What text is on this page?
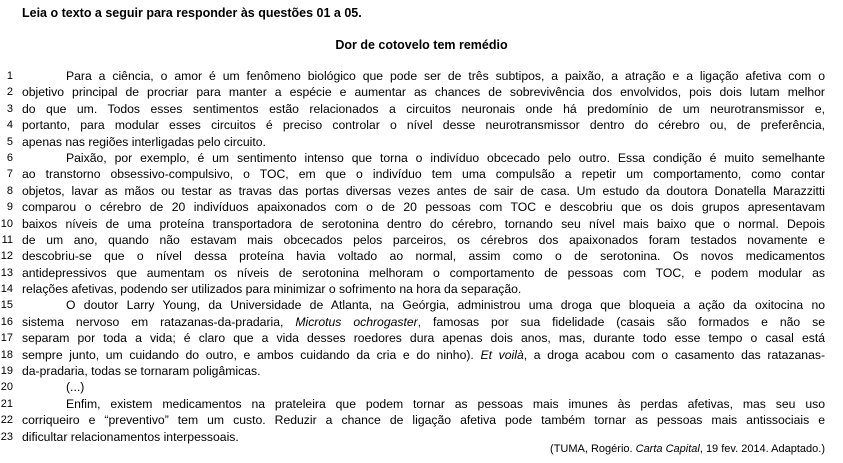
Leia o texto a seguir para responder às questões 01 a 05.
Dor de cotovelo tem remédio
1	Para a ciência, o amor é um fenômeno biológico que pode ser de três subtipos, a paixão, a atração e a ligação afetiva com o
2 objetivo principal de procriar para manter a espécie e aumentar as chances de sobrevivência dos envolvidos, pois dois lutam melhor
3 do que um. Todos esses sentimentos estão relacionados a circuitos neuronais onde há predomínio de um neurotransmissor e,
4 portanto, para modular esses circuitos é preciso controlar o nível desse neurotransmissor dentro do cérebro ou, de preferência,
5 apenas nas regiões interligadas pelo circuito.
6	Paixão, por exemplo, é um sentimento intenso que torna o indivíduo obcecado pelo outro. Essa condição é muito semelhante
7 ao transtorno obsessivo-compulsivo, o TOC, em que o indivíduo tem uma compulsão a repetir um comportamento, como contar
8 objetos, lavar as mãos ou testar as travas das portas diversas vezes antes de sair de casa. Um estudo da doutora Donatella Marazzitti
9 comparou o cérebro de 20 indivíduos apaixonados com o de 20 pessoas com TOC e descobriu que os dois grupos apresentavam
10 baixos níveis de uma proteína transportadora de serotonina dentro do cérebro, tornando seu nível mais baixo que o normal. Depois
11 de um ano, quando não estavam mais obcecados pelos parceiros, os cérebros dos apaixonados foram testados novamente e
12 descobriu-se que o nível dessa proteína havia voltado ao normal, assim como o de serotonina. Os novos medicamentos
13 antidepressivos que aumentam os níveis de serotonina melhoram o comportamento de pessoas com TOC, e podem modular as
14 relações afetivas, podendo ser utilizados para minimizar o sofrimento na hora da separação.
15	O doutor Larry Young, da Universidade de Atlanta, na Geórgia, administrou uma droga que bloqueia a ação da oxitocina no
16 sistema nervoso em ratazanas-da-pradaria, Microtus ochrogaster, famosas por sua fidelidade (casais são formados e não se
17 separam por toda a vida; é claro que a vida desses roedores dura apenas dois anos, mas, durante todo esse tempo o casal está
18 sempre junto, um cuidando do outro, e ambos cuidando da cria e do ninho). Et voilà, a droga acabou com o casamento das ratazanas-
19 da-pradaria, todas se tornaram poligâmicas.
20	(...)
21	Enfim, existem medicamentos na prateleira que podem tornar as pessoas mais imunes às perdas afetivas, mas seu uso
22 corriqueiro e “preventivo” tem um custo. Reduzir a chance de ligação afetiva pode também tornar as pessoas mais antissociais e
23 dificultar relacionamentos interpessoais.
(TUMA, Rogério. Carta Capital, 19 fev. 2014. Adaptado.)
